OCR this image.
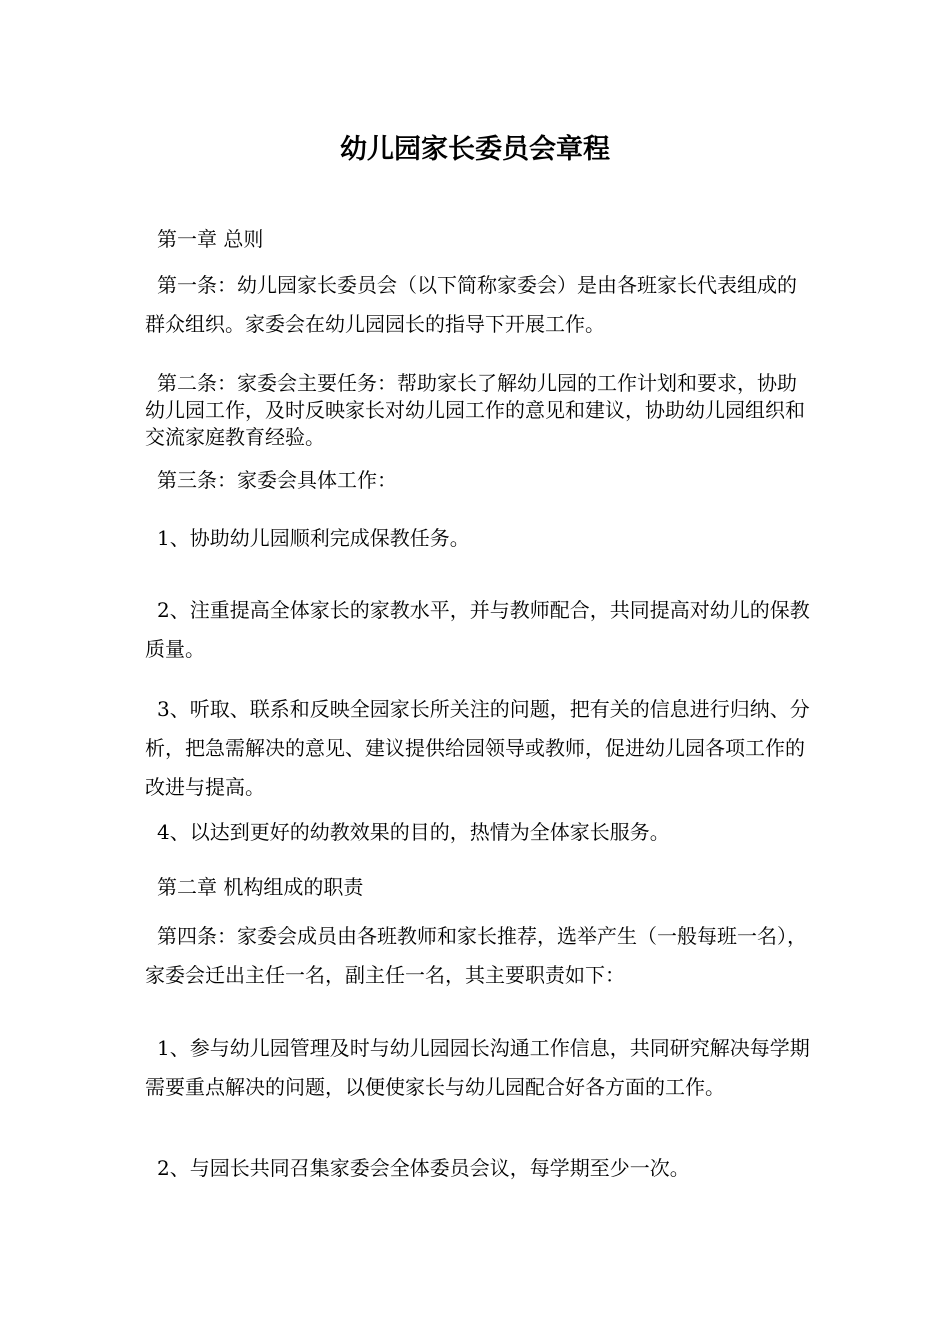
幼儿园家长委员会章程

第一章 总则

第一条：幼儿园家长委员会（以下简称家委会）是由各班家长代表组成的群众组织。家委会在幼儿园园长的指导下开展工作。

第二条：家委会主要任务：帮助家长了解幼儿园的工作计划和要求，协助幼儿园工作，及时反映家长对幼儿园工作的意见和建议，协助幼儿园组织和交流家庭教育经验。

第三条：家委会具体工作：

1、协助幼儿园顺利完成保教任务。

2、注重提高全体家长的家教水平，并与教师配合，共同提高对幼儿的保教质量。

3、听取、联系和反映全园家长所关注的问题，把有关的信息进行归纳、分析，把急需解决的意见、建议提供给园领导或教师，促进幼儿园各项工作的改进与提高。

4、以达到更好的幼教效果的目的，热情为全体家长服务。

第二章 机构组成的职责

第四条：家委会成员由各班教师和家长推荐，选举产生（一般每班一名），家委会迁出主任一名，副主任一名，其主要职责如下：

1、参与幼儿园管理及时与幼儿园园长沟通工作信息，共同研究解决每学期需要重点解决的问题，以便使家长与幼儿园配合好各方面的工作。

2、与园长共同召集家委会全体委员会议，每学期至少一次。
